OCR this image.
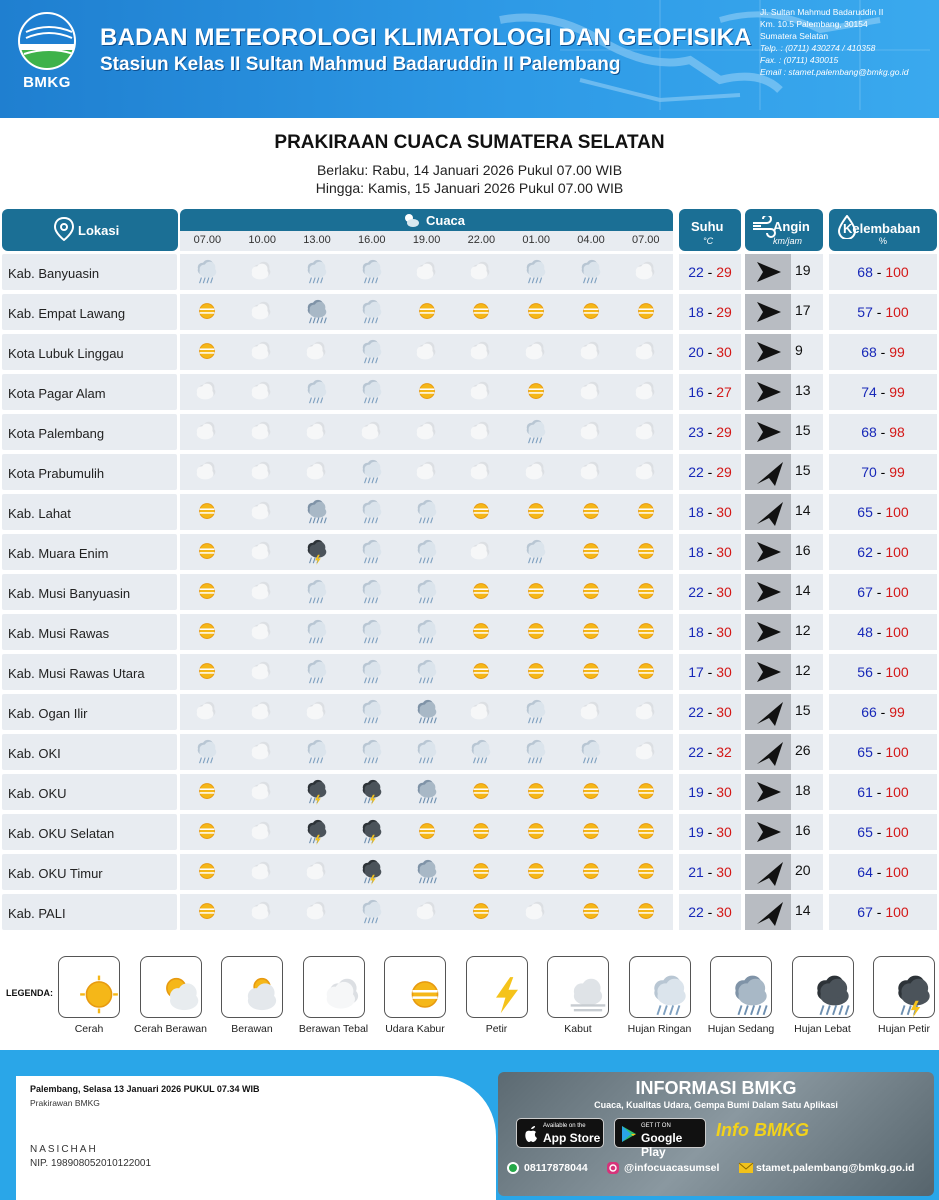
BMKG
BADAN METEOROLOGI KLIMATOLOGI DAN GEOFISIKA
Stasiun Kelas II Sultan Mahmud Badaruddin II Palembang
Jl. Sultan Mahmud Badaruddin II
Km. 10.5 Palembang, 30154
Sumatera Selatan
Telp. : (0711) 430274 / 410358
Fax. : (0711) 430015
Email : stamet.palembang@bmkg.go.id
PRAKIRAAN CUACA SUMATERA SELATAN
Berlaku: Rabu, 14 Januari 2026 Pukul 07.00 WIB
Hingga: Kamis, 15 Januari 2026 Pukul 07.00 WIB
Lokasi
Cuaca
07.00	10.00	13.00	16.00	19.00	22.00	01.00	04.00	07.00
Suhu
°C
Angin
km/jam
Kelembaban
%
Kab. Banyuasin	22 - 29	19	68 - 100
Kab. Empat Lawang	18 - 29	17	57 - 100
Kota Lubuk Linggau	20 - 30	9	68 - 99
Kota Pagar Alam	16 - 27	13	74 - 99
Kota Palembang	23 - 29	15	68 - 98
Kota Prabumulih	22 - 29	15	70 - 99
Kab. Lahat	18 - 30	14	65 - 100
Kab. Muara Enim	18 - 30	16	62 - 100
Kab. Musi Banyuasin	22 - 30	14	67 - 100
Kab. Musi Rawas	18 - 30	12	48 - 100
Kab. Musi Rawas Utara	17 - 30	12	56 - 100
Kab. Ogan Ilir	22 - 30	15	66 - 99
Kab. OKI	22 - 32	26	65 - 100
Kab. OKU	19 - 30	18	61 - 100
Kab. OKU Selatan	19 - 30	16	65 - 100
Kab. OKU Timur	21 - 30	20	64 - 100
Kab. PALI	22 - 30	14	67 - 100
LEGENDA:
Cerah	Cerah Berawan	Berawan	Berawan Tebal	Udara Kabur	Petir	Kabut	Hujan Ringan	Hujan Sedang	Hujan Lebat	Hujan Petir
Palembang, Selasa 13 Januari 2026 PUKUL 07.34 WIB
Prakirawan BMKG
NASICHAH
NIP. 198908052010122001
INFORMASI BMKG
Cuaca, Kualitas Udara, Gempa Bumi Dalam Satu Aplikasi
Available on the
App Store
GET IT ON
Google Play
Info BMKG
08117878044	@infocuacasumsel	stamet.palembang@bmkg.go.id
